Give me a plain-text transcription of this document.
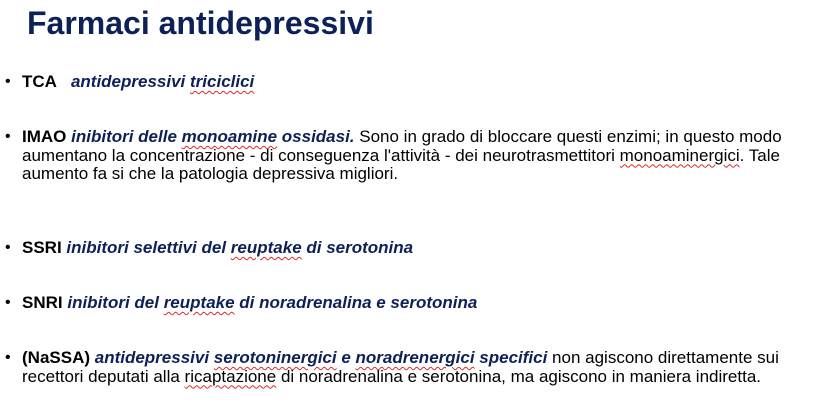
Farmaci antidepressivi
• TCA antidepressivi triciclici
• IMAO inibitori delle monoamine ossidasi. Sono in grado di bloccare questi enzimi; in questo modo aumentano la concentrazione - di conseguenza l'attività - dei neurotrasmettitori monoaminergici. Tale aumento fa si che la patologia depressiva migliori.
• SSRI inibitori selettivi del reuptake di serotonina
• SNRI inibitori del reuptake di noradrenalina e serotonina
• (NaSSA) antidepressivi serotoninergici e noradrenergici specifici non agiscono direttamente sui recettori deputati alla ricaptazione di noradrenalina e serotonina, ma agiscono in maniera indiretta.
